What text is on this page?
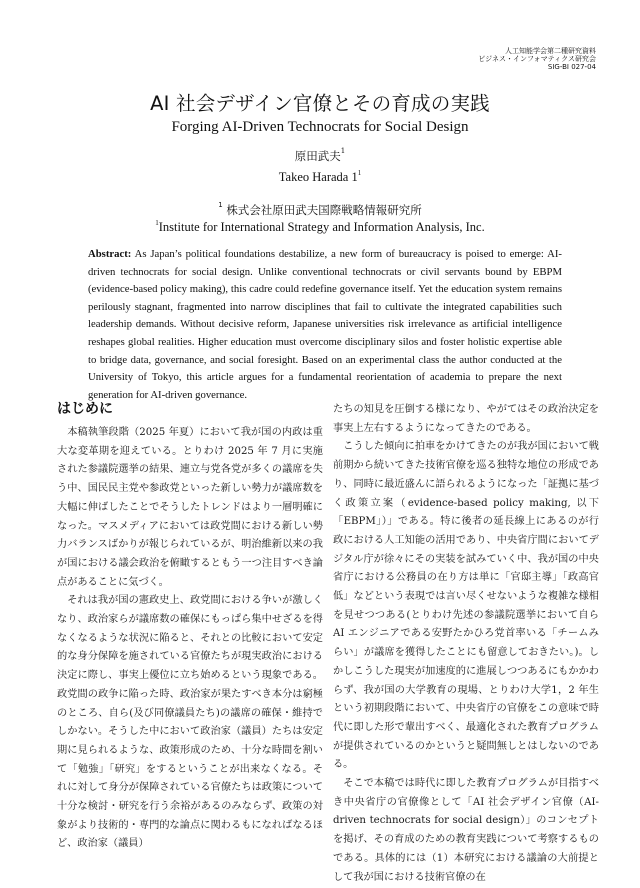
人工知能学会第二種研究資料
ビジネス・インフォマティクス研究会
SIG-BI 027-04
AI 社会デザイン官僚とその育成の実践
Forging AI-Driven Technocrats for Social Design
原田武夫$^1$
Takeo Harada $1^1$
$^1$ 株式会社原田武夫国際戦略情報研究所
$^1$Institute for International Strategy and Information Analysis, Inc.
Abstract: As Japan’s political foundations destabilize, a new form of bureaucracy is poised to emerge: AI-driven technocrats for social design. Unlike conventional technocrats or civil servants bound by EBPM (evidence-based policy making), this cadre could redefine governance itself. Yet the education system remains perilously stagnant, fragmented into narrow disciplines that fail to cultivate the integrated capabilities such leadership demands. Without decisive reform, Japanese universities risk irrelevance as artificial intelligence reshapes global realities. Higher education must overcome disciplinary silos and foster holistic expertise able to bridge data, governance, and social foresight. Based on an experimental class the author conducted at the University of Tokyo, this article argues for a fundamental reorientation of academia to prepare the next generation for AI-driven governance.
はじめに

本稿執筆段階（2025 年夏）において我が国の内政は重大な変革期を迎えている。とりわけ 2025 年 7 月に実施された参議院選挙の結果、連立与党各党が多くの議席を失う中、国民民主党や参政党といった新しい勢力が議席数を大幅に伸ばしたことでそうしたトレンドはより一層明確になった。マスメディアにおいては政党間における新しい勢力バランスばかりが報じられているが、明治維新以来の我が国における議会政治を俯瞰するともう一つ注目すべき論点があることに気づく。

それは我が国の憲政史上、政党間における争いが激しくなり、政治家らが議席数の確保にもっぱら集中せざるを得なくなるような状況に陥ると、それとの比較において安定的な身分保障を施されている官僚たちが現実政治における決定に際し、事実上優位に立ち始めるという現象である。政党間の政争に陥った時、政治家が果たすべき本分は窮極のところ、自ら(及び同僚議員たち)の議席の確保・維持でしかない。そうした中において政治家（議員）たちは安定期に見られるような、政策形成のため、十分な時間を割いて「勉強」「研究」をするということが出来なくなる。それに対して身分が保障されている官僚たちは政策について十分な検討・研究を行う余裕があるのみならず、政策の対象がより技術的・専門的な論点に関わるもになればなるほど、政治家（議員）

たちの知見を圧倒する様になり、やがてはその政治決定を事実上左右するようになってきたのである。

こうした傾向に拍車をかけてきたのが我が国において戦前期から続いてきた技術官僚を巡る独特な地位の形成であり、同時に最近盛んに語られるようになった「証拠に基づく政策立案（evidence-based policy making, 以下「EBPM」）」である。特に後者の延長線上にあるのが行政における人工知能の活用であり、中央省庁間においてデジタル庁が徐々にその実装を試みていく中、我が国の中央省庁における公務員の在り方は単に「官邸主導」「政高官低」などという表現では言い尽くせないような複雑な様相を見せつつある(とりわけ先述の参議院選挙において自ら AI エンジニアである安野たかひろ党首率いる「チームみらい」が議席を獲得したことにも留意しておきたい。)。しかしこうした現実が加速度的に進展しつつあるにもかかわらず、我が国の大学教育の現場、とりわけ大学1，2 年生という初期段階において、中央省庁の官僚をこの意味で時代に即した形で輩出すべく、最適化された教育プログラムが提供されているのかというと疑問無しとはしないのである。

そこで本稿では時代に即した教育プログラムが目指すべき中央省庁の官僚像として「AI 社会デザイン官僚（AI-driven technocrats for social design）」のコンセプトを掲げ、その育成のための教育実践について考察するものである。具体的には（1）本研究における議論の大前提として我が国における技術官僚の在
